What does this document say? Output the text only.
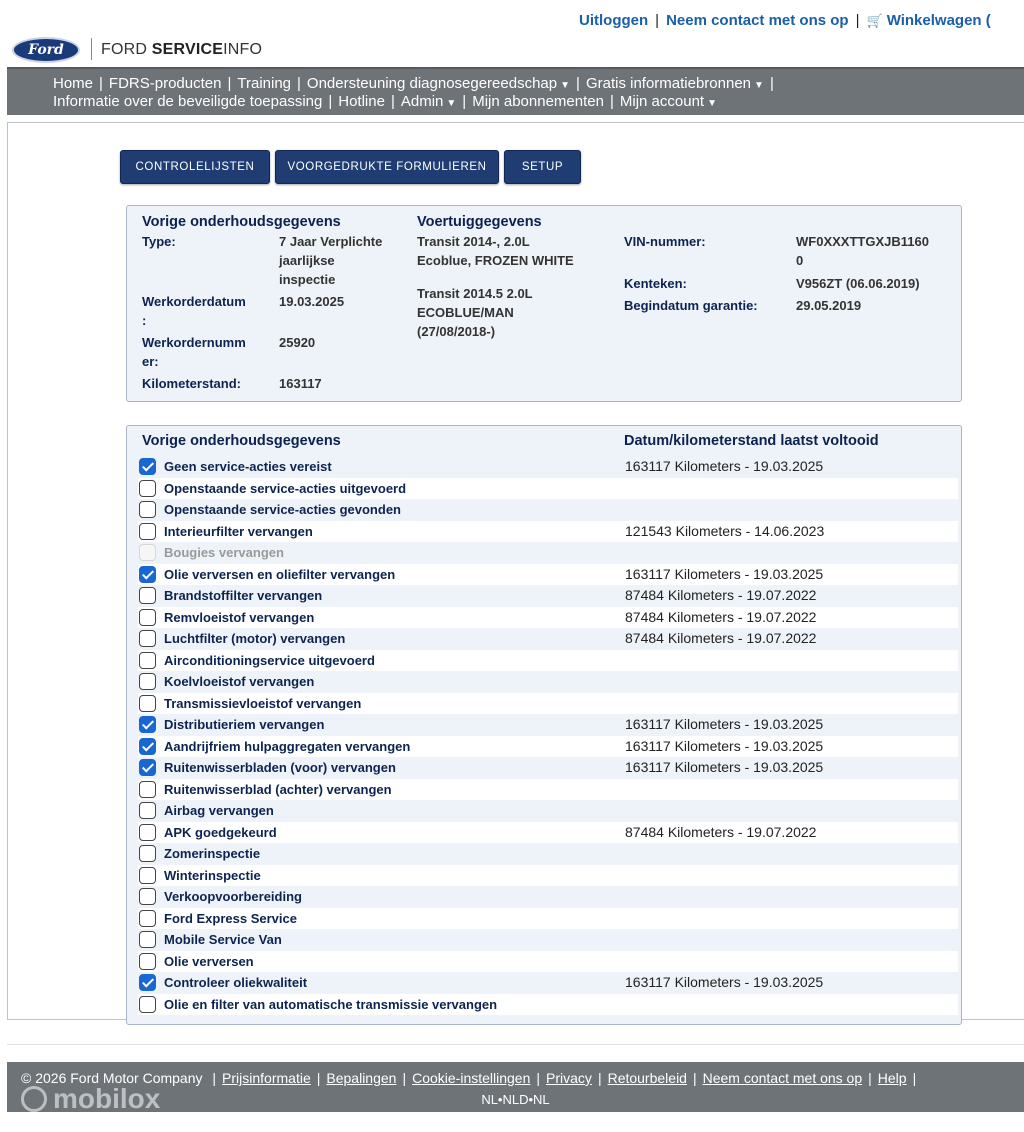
Uitloggen | Neem contact met ons op | 🛒 Winkelwagen (
Ford	FORD SERVICEINFO
Home | FDRS-producten | Training | Ondersteuning diagnosegereedschap ▼ | Gratis informatiebronnen ▼|
Informatie over de beveiligde toepassing | Hotline | Admin ▼ | Mijn abonnementen | Mijn account ▼
CONTROLELIJSTEN	VOORGEDRUKTE FORMULIEREN	SETUP
Vorige onderhoudsgegevens
Type:	7 Jaar Verplichte
jaarlijkse
inspectie
Werkorderdatum
:
19.03.2025
Werkordernumm
er:
25920
Kilometerstand:	163117
Voertuiggegevens
Transit 2014-, 2.0L
Ecoblue, FROZEN WHITE
Transit 2014.5 2.0L
ECOBLUE/MAN
(27/08/2018-)
VIN-nummer:	WF0XXXTTGXJB1160
0
Kenteken:	V956ZT (06.06.2019)
Begindatum garantie:	29.05.2019
Vorige onderhoudsgegevens	Datum/kilometerstand laatst voltooid
Geen service-acties vereist	163117 Kilometers - 19.03.2025
Openstaande service-acties uitgevoerd
Openstaande service-acties gevonden
Interieurfilter vervangen	121543 Kilometers - 14.06.2023
Bougies vervangen
Olie verversen en oliefilter vervangen	163117 Kilometers - 19.03.2025
Brandstoffilter vervangen	87484 Kilometers - 19.07.2022
Remvloeistof vervangen	87484 Kilometers - 19.07.2022
Luchtfilter (motor) vervangen	87484 Kilometers - 19.07.2022
Airconditioningservice uitgevoerd
Koelvloeistof vervangen
Transmissievloeistof vervangen
Distributieriem vervangen	163117 Kilometers - 19.03.2025
Aandrijfriem hulpaggregaten vervangen	163117 Kilometers - 19.03.2025
Ruitenwisserbladen (voor) vervangen	163117 Kilometers - 19.03.2025
Ruitenwisserblad (achter) vervangen
Airbag vervangen
APK goedgekeurd	87484 Kilometers - 19.07.2022
Zomerinspectie
Winterinspectie
Verkoopvoorbereiding
Ford Express Service
Mobile Service Van
Olie verversen
Controleer oliekwaliteit	163117 Kilometers - 19.03.2025
Olie en filter van automatische transmissie vervangen
© 2026 Ford Motor Company | Prijsinformatie | Bepalingen | Cookie-instellingen | Privacy | Retourbeleid | Neem contact met ons op | Help |
NL•NLD•NL
mobilox
